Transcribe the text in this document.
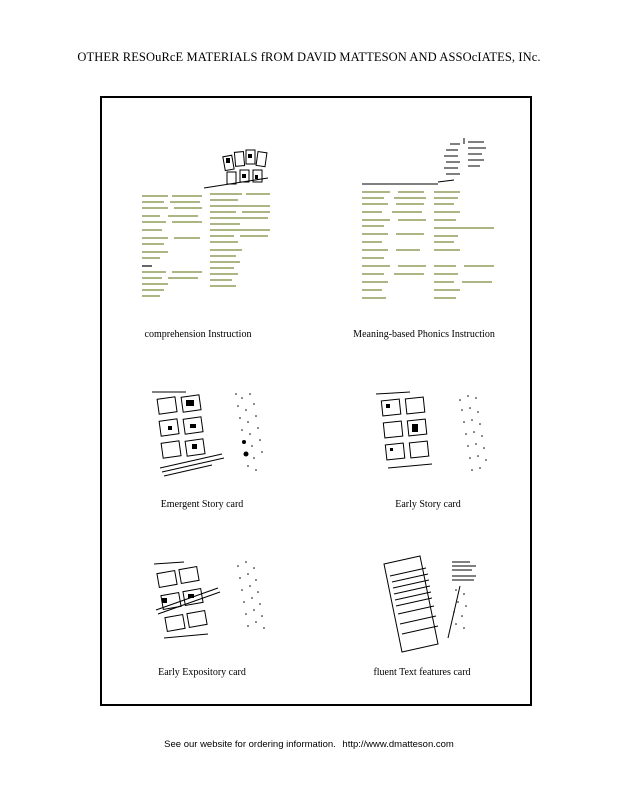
OTHER RESOuRcE MATERIALS fROM DAVID MATTESON AND ASSOcIATES, INc.
comprehension Instruction	Meaning-based Phonics Instruction
Emergent Story card	Early Story card
Early Expository card	fluent Text features card
See our website for ordering information. http://www.dmatteson.com
